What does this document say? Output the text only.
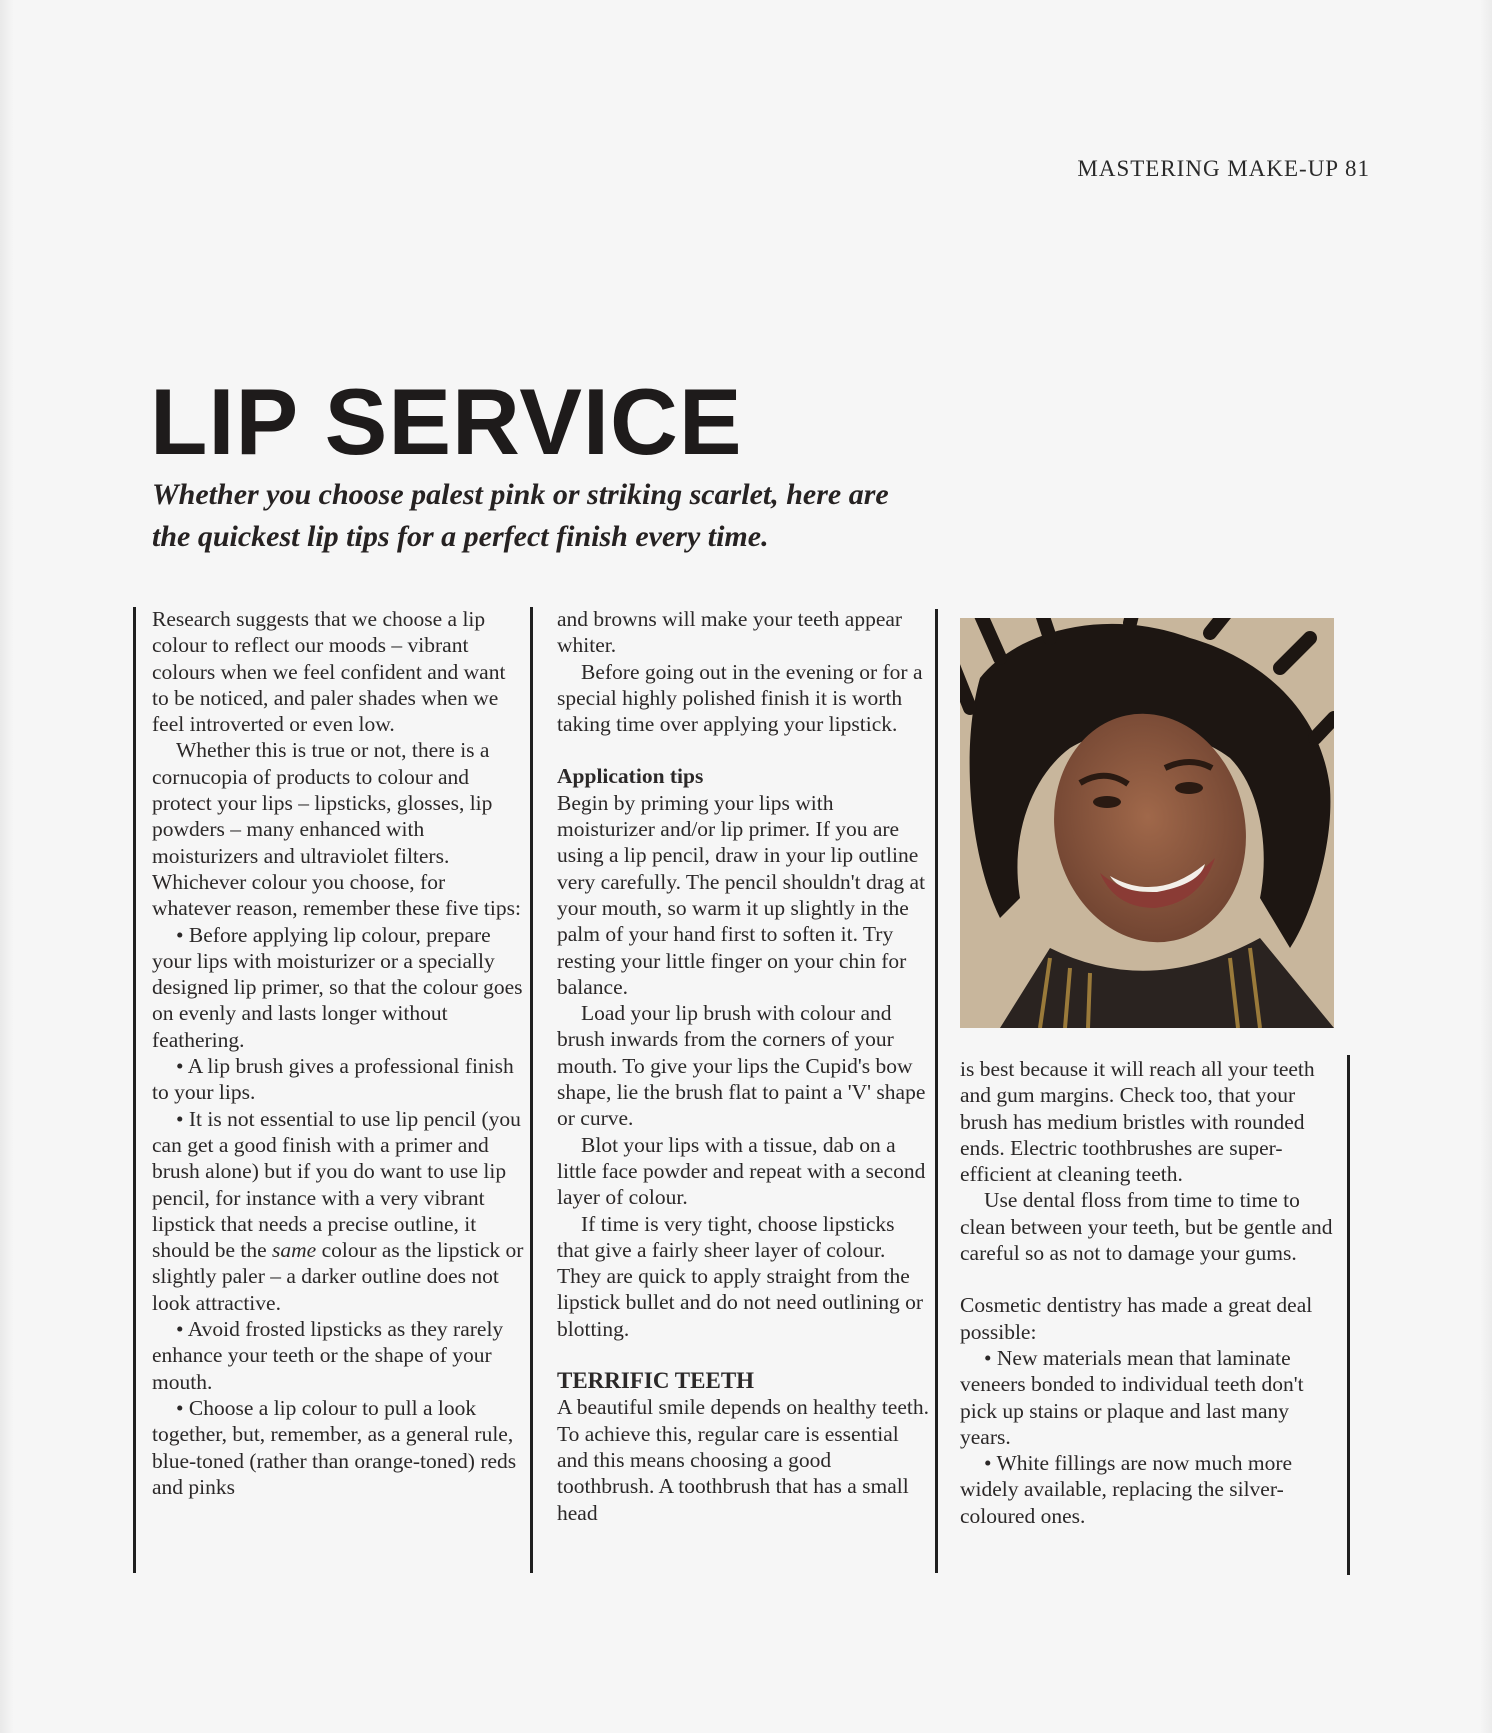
MASTERING MAKE-UP 81
LIP SERVICE

Whether you choose palest pink or striking scarlet, here are
the quickest lip tips for a perfect finish every time.

Research suggests that we choose a lip colour to reflect our moods – vibrant colours when we feel confident and want to be noticed, and paler shades when we feel introverted or even low.

Whether this is true or not, there is a cornucopia of products to colour and protect your lips – lipsticks, glosses, lip powders – many enhanced with moisturizers and ultraviolet filters. Whichever colour you choose, for whatever reason, remember these five tips:

• Before applying lip colour, prepare your lips with moisturizer or a specially designed lip primer, so that the colour goes on evenly and lasts longer without feathering.

• A lip brush gives a professional finish to your lips.

• It is not essential to use lip pencil (you can get a good finish with a primer and brush alone) but if you do want to use lip pencil, for instance with a very vibrant lipstick that needs a precise outline, it should be the same colour as the lipstick or slightly paler – a darker outline does not look attractive.

• Avoid frosted lipsticks as they rarely enhance your teeth or the shape of your mouth.

• Choose a lip colour to pull a look together, but, remember, as a general rule, blue-toned (rather than orange-toned) reds and pinks

and browns will make your teeth appear whiter.

Before going out in the evening or for a special highly polished finish it is worth taking time over applying your lipstick.

Application tips

Begin by priming your lips with moisturizer and/or lip primer. If you are using a lip pencil, draw in your lip outline very carefully. The pencil shouldn't drag at your mouth, so warm it up slightly in the palm of your hand first to soften it. Try resting your little finger on your chin for balance.

Load your lip brush with colour and brush inwards from the corners of your mouth. To give your lips the Cupid's bow shape, lie the brush flat to paint a 'V' shape or curve.

Blot your lips with a tissue, dab on a little face powder and repeat with a second layer of colour.

If time is very tight, choose lipsticks that give a fairly sheer layer of colour. They are quick to apply straight from the lipstick bullet and do not need outlining or blotting.

TERRIFIC TEETH

A beautiful smile depends on healthy teeth. To achieve this, regular care is essential and this means choosing a good toothbrush. A toothbrush that has a small head

is best because it will reach all your teeth and gum margins. Check too, that your brush has medium bristles with rounded ends. Electric toothbrushes are super-efficient at cleaning teeth.

Use dental floss from time to time to clean between your teeth, but be gentle and careful so as not to damage your gums.

Cosmetic dentistry has made a great deal possible:

• New materials mean that laminate veneers bonded to individual teeth don't pick up stains or plaque and last many years.

• White fillings are now much more widely available, replacing the silver-coloured ones.
